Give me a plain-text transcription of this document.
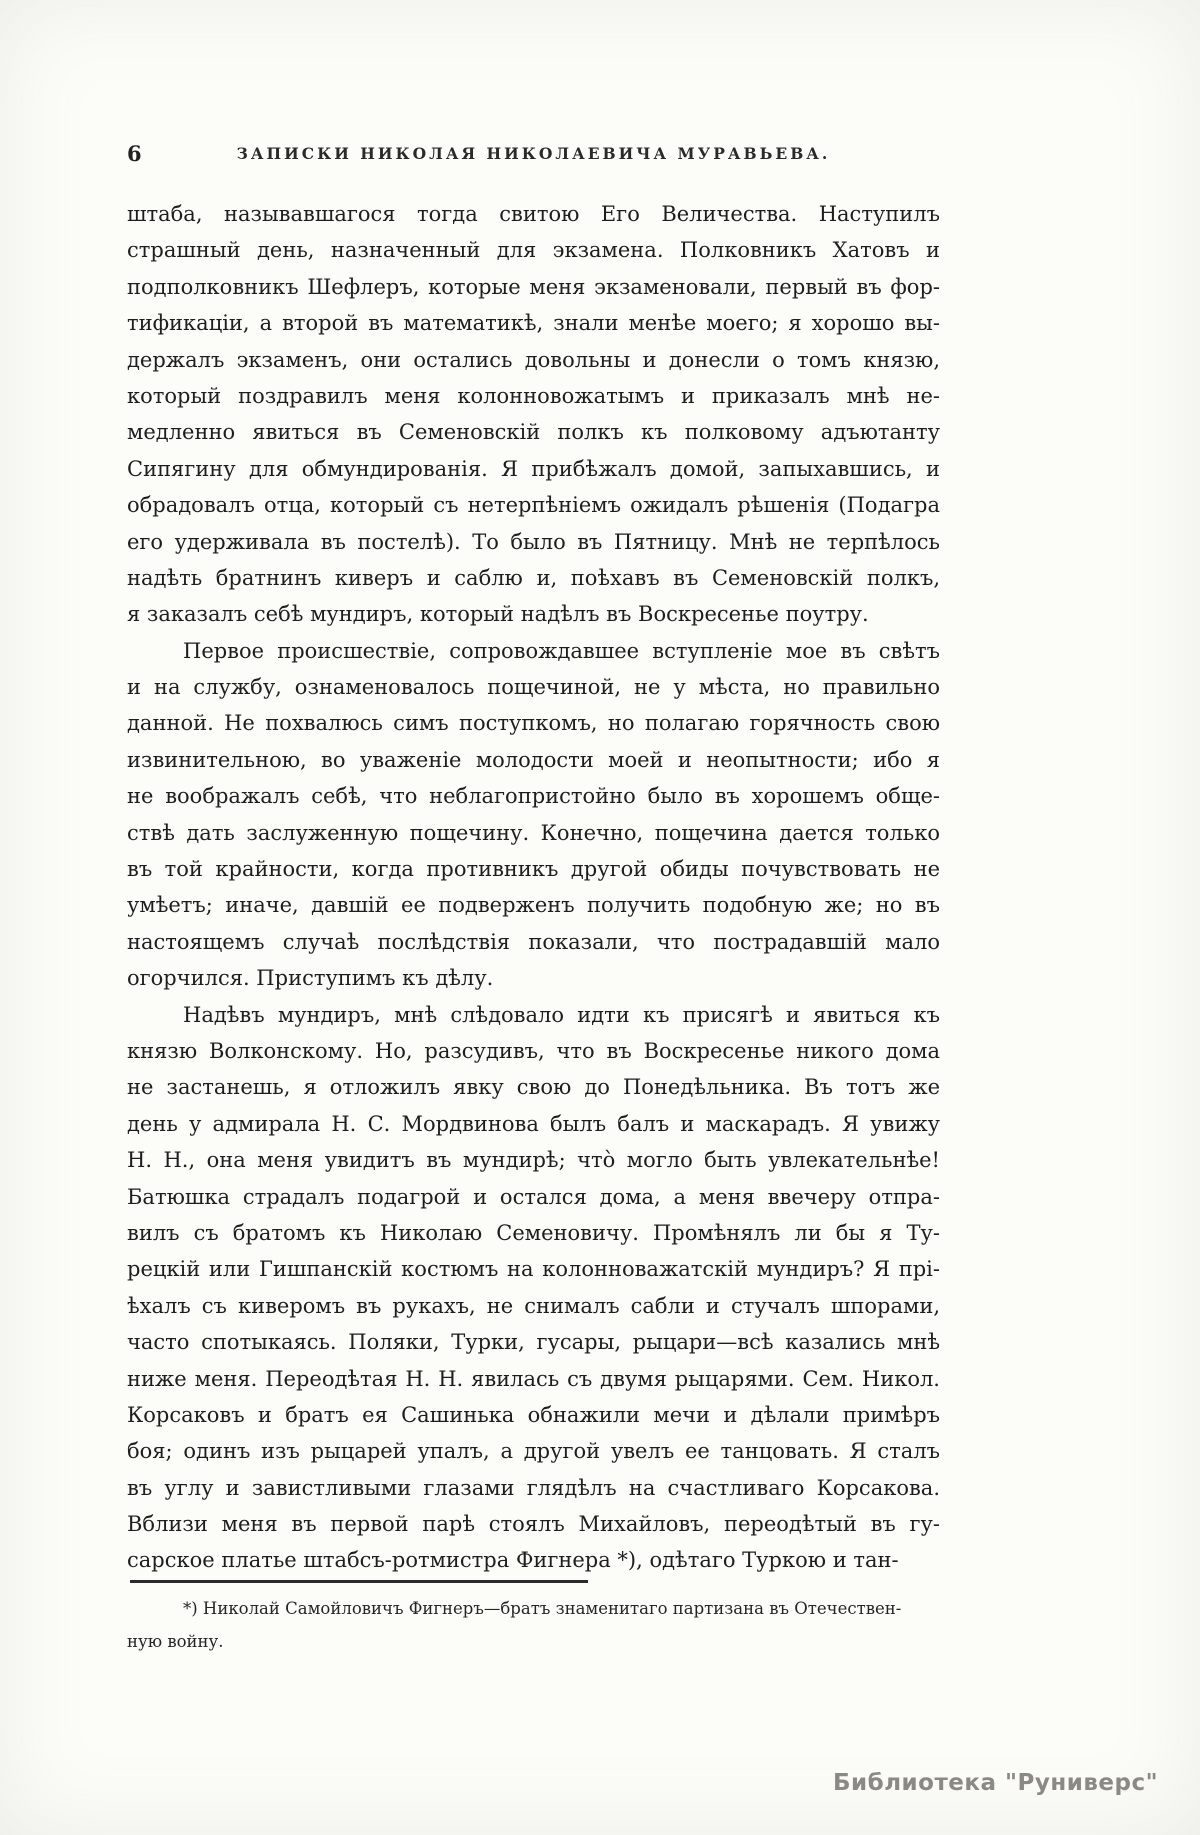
6	ЗАПИСКИ НИКОЛАЯ НИКОЛАЕВИЧА МУРАВЬЕВА.
штаба, называвшагося тогда свитою Его Величества. Наступилъ
страшный день, назначенный для экзамена. Полковникъ Хатовъ и
подполковникъ Шефлеръ, которые меня экзаменовали, первый въ фор-
тификаціи, а второй въ математикѣ, знали менѣе моего; я хорошо вы-
держалъ экзаменъ, они остались довольны и донесли о томъ князю,
который поздравилъ меня колонновожатымъ и приказалъ мнѣ не-
медленно явиться въ Семеновскій полкъ къ полковому адъютанту
Сипягину для обмундированія. Я прибѣжалъ домой, запыхавшись, и
обрадовалъ отца, который съ нетерпѣніемъ ожидалъ рѣшенія (Подагра
его удерживала въ постелѣ). То было въ Пятницу. Мнѣ не терпѣлось
надѣть братнинъ киверъ и саблю и, поѣхавъ въ Семеновскій полкъ,
я заказалъ себѣ мундиръ, который надѣлъ въ Воскресенье поутру.
Первое происшествіе, сопровождавшее вступленіе мое въ свѣтъ
и на службу, ознаменовалось пощечиной, не у мѣста, но правильно
данной. Не похвалюсь симъ поступкомъ, но полагаю горячность свою
извинительною, во уваженіе молодости моей и неопытности; ибо я
не воображалъ себѣ, что неблагопристойно было въ хорошемъ обще-
ствѣ дать заслуженную пощечину. Конечно, пощечина дается только
въ той крайности, когда противникъ другой обиды почувствовать не
умѣетъ; иначе, давшій ее подверженъ получить подобную же; но въ
настоящемъ случаѣ послѣдствія показали, что пострадавшій мало
огорчился. Приступимъ къ дѣлу.
Надѣвъ мундиръ, мнѣ слѣдовало идти къ присягѣ и явиться къ
князю Волконскому. Но, разсудивъ, что въ Воскресенье никого дома
не застанешь, я отложилъ явку свою до Понедѣльника. Въ тотъ же
день у адмирала Н. С. Мордвинова былъ балъ и маскарадъ. Я увижу
Н. Н., она меня увидитъ въ мундирѣ; чтò могло быть увлекательнѣе!
Батюшка страдалъ подагрой и остался дома, а меня ввечеру отпра-
вилъ съ братомъ къ Николаю Семеновичу. Промѣнялъ ли бы я Ту-
рецкій или Гишпанскій костюмъ на колонноважатскій мундиръ? Я прі-
ѣхалъ съ киверомъ въ рукахъ, не снималъ сабли и стучалъ шпорами,
часто спотыкаясь. Поляки, Турки, гусары, рыцари—всѣ казались мнѣ
ниже меня. Переодѣтая Н. Н. явилась съ двумя рыцарями. Сем. Никол.
Корсаковъ и братъ ея Сашинька обнажили мечи и дѣлали примѣръ
боя; одинъ изъ рыцарей упалъ, а другой увелъ ее танцовать. Я сталъ
въ углу и завистливыми глазами глядѣлъ на счастливаго Корсакова.
Вблизи меня въ первой парѣ стоялъ Михайловъ, переодѣтый въ гу-
сарское платье штабсъ-ротмистра Фигнера *), одѣтаго Туркою и тан-
*) Николай Самойловичъ Фигнеръ—братъ знаменитаго партизана въ Отечествен-
ную войну.
Библиотека "Руниверс"
